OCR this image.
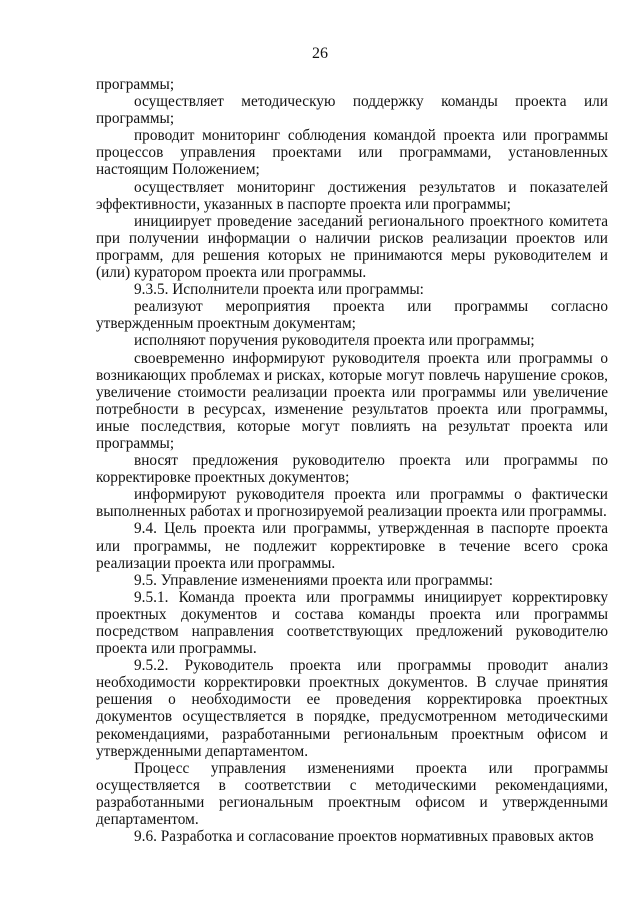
26

программы;

осуществляет методическую поддержку команды проекта или программы;

проводит мониторинг соблюдения командой проекта или программы процессов управления проектами или программами, установленных настоящим Положением;

осуществляет мониторинг достижения результатов и показателей эффективности, указанных в паспорте проекта или программы;

инициирует проведение заседаний регионального проектного комитета при получении информации о наличии рисков реализации проектов или программ, для решения которых не принимаются меры руководителем и (или) куратором проекта или программы.

9.3.5. Исполнители проекта или программы:

реализуют мероприятия проекта или программы согласно утвержденным проектным документам;

исполняют поручения руководителя проекта или программы;

своевременно информируют руководителя проекта или программы о возникающих проблемах и рисках, которые могут повлечь нарушение сроков, увеличение стоимости реализации проекта или программы или увеличение потребности в ресурсах, изменение результатов проекта или программы, иные последствия, которые могут повлиять на результат проекта или программы;

вносят предложения руководителю проекта или программы по корректировке проектных документов;

информируют руководителя проекта или программы о фактически выполненных работах и прогнозируемой реализации проекта или программы.

9.4. Цель проекта или программы, утвержденная в паспорте проекта или программы, не подлежит корректировке в течение всего срока реализации проекта или программы.

9.5. Управление изменениями проекта или программы:

9.5.1. Команда проекта или программы инициирует корректировку проектных документов и состава команды проекта или программы посредством направления соответствующих предложений руководителю проекта или программы.

9.5.2. Руководитель проекта или программы проводит анализ необходимости корректировки проектных документов. В случае принятия решения о необходимости ее проведения корректировка проектных документов осуществляется в порядке, предусмотренном методическими рекомендациями, разработанными региональным проектным офисом и утвержденными департаментом.

Процесс управления изменениями проекта или программы осуществляется в соответствии с методическими рекомендациями, разработанными региональным проектным офисом и утвержденными департаментом.

9.6. Разработка и согласование проектов нормативных правовых актов
